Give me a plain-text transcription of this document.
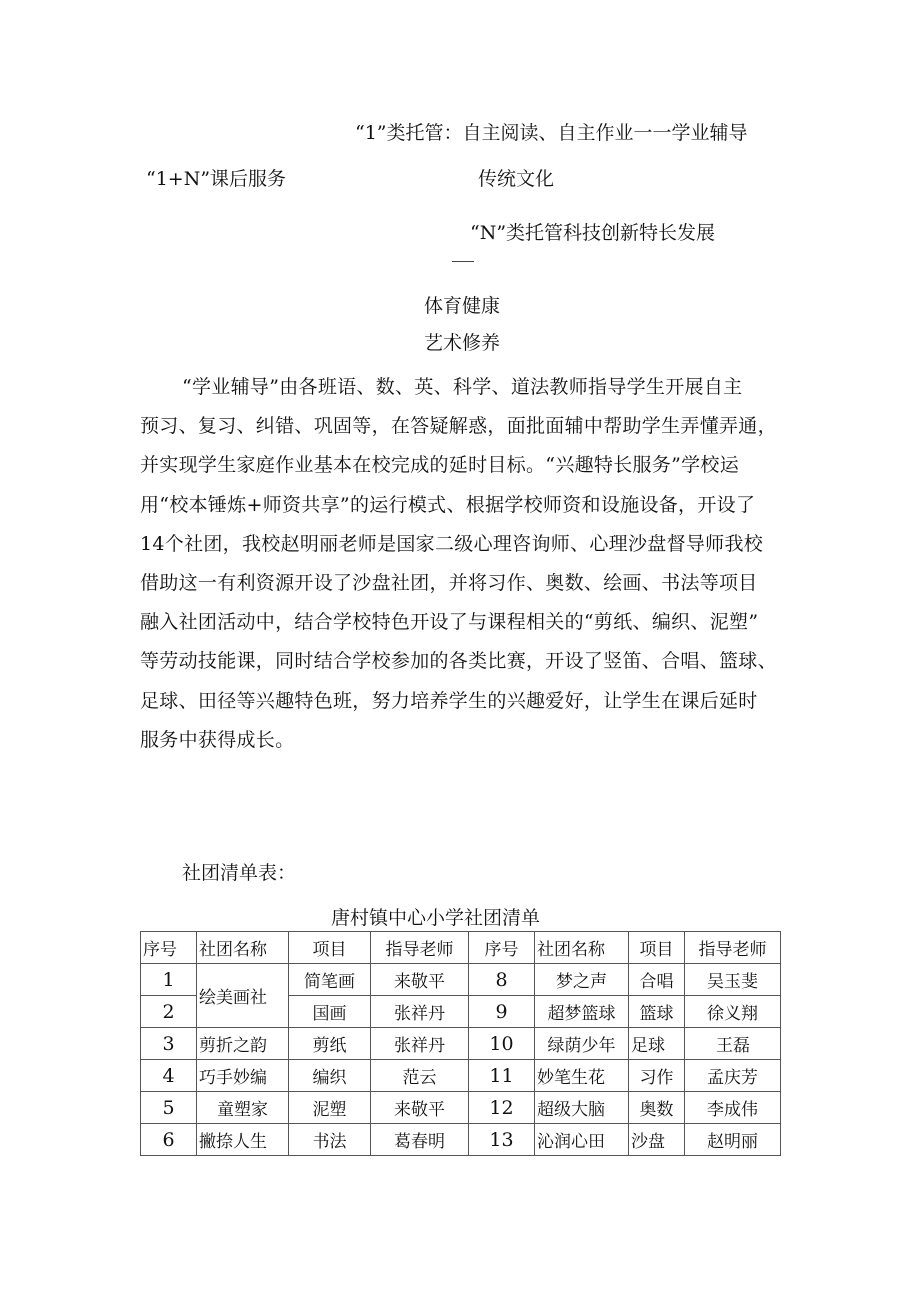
“1”类托管：自主阅读、自主作业一一学业辅导
“1+N”课后服务	传统文化
“N”类托管科技创新特长发展
体育健康
艺术修养
“学业辅导”由各班语、数、英、科学、道法教师指导学生开展自主
预习、复习、纠错、巩固等，在答疑解惑，面批面辅中帮助学生弄懂弄通，
并实现学生家庭作业基本在校完成的延时目标。“兴趣特长服务”学校运
用“校本锤炼+师资共享”的运行模式、根据学校师资和设施设备，开设了
14个社团，我校赵明丽老师是国家二级心理咨询师、心理沙盘督导师我校
借助这一有利资源开设了沙盘社团，并将习作、奥数、绘画、书法等项目
融入社团活动中，结合学校特色开设了与课程相关的“剪纸、编织、泥塑”
等劳动技能课，同时结合学校参加的各类比赛，开设了竖笛、合唱、篮球、
足球、田径等兴趣特色班，努力培养学生的兴趣爱好，让学生在课后延时
服务中获得成长。
社团清单表：
唐村镇中心小学社团清单
序号	社团名称	项目	指导老师	序号	社团名称	项目	指导老师
1	绘美画社	简笔画	来敬平	8	梦之声	合唱	吴玉斐
2		国画	张祥丹	9	超梦篮球	篮球	徐义翔
3	剪折之韵	剪纸	张祥丹	10	绿荫少年	足球	王磊
4	巧手妙编	编织	范云	11	妙笔生花	习作	孟庆芳
5	童塑家	泥塑	来敬平	12	超级大脑	奥数	李成伟
6	撇捺人生	书法	葛春明	13	沁润心田	沙盘	赵明丽
